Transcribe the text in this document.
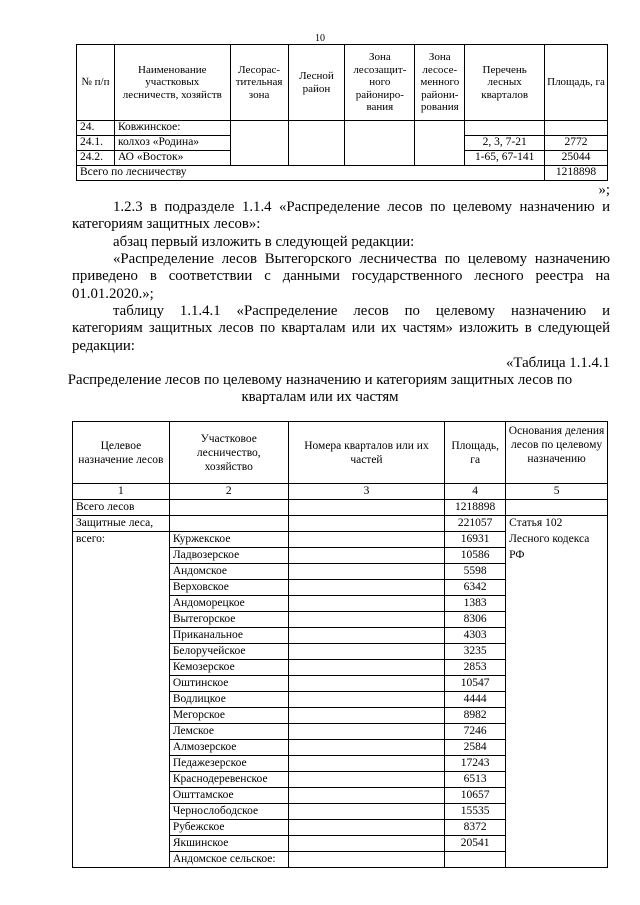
10
№ п/п	Наименование участковых лесничеств, хозяйств	Лесорас-тительная зона	Лесной район	Зона лесозащит-ного райониро-вания	Зона лесосе-менного райони-рования	Перечень лесных кварталов	Площадь, га
24.	Ковжинское:						
24.1.	колхоз «Родина»					2, 3, 7-21	2772
24.2.	АО «Восток»					1-65, 67-141	25044
Всего по лесничеству							1218898
»;
1.2.3 в подразделе 1.1.4 «Распределение лесов по целевому назначению и
категориям защитных лесов»:
абзац первый изложить в следующей редакции:
«Распределение лесов Вытегорского лесничества по целевому назначению
приведено в соответствии с данными государственного лесного реестра на
01.01.2020.»;
таблицу 1.1.4.1 «Распределение лесов по целевому назначению и
категориям защитных лесов по кварталам или их частям» изложить в следующей
редакции:
«Таблица 1.1.4.1
Распределение лесов по целевому назначению и категориям защитных лесов по
кварталам или их частям
Целевое назначение лесов	Участковое лесничество, хозяйство	Номера кварталов или их частей	Площадь, га	Основания деления лесов по целевому назначению
1	2	3	4	5
Всего лесов			1218898	
Защитные леса,			221057	Статья 102
всего:	Куржекское		16931	Лесного кодекса
	Ладвозерское		10586	РФ
	Андомское		5598	
	Верховское		6342	
	Андоморецкое		1383	
	Вытегорское		8306	
	Приканальное		4303	
	Белоручейское		3235	
	Кемозерское		2853	
	Оштинское		10547	
	Водлицкое		4444	
	Мегорское		8982	
	Лемское		7246	
	Алмозерское		2584	
	Педажезерское		17243	
	Краснодеревенское		6513	
	Ошттамское		10657	
	Чернослободское		15535	
	Рубежское		8372	
	Якшинское		20541	
	Андомское сельское:			
